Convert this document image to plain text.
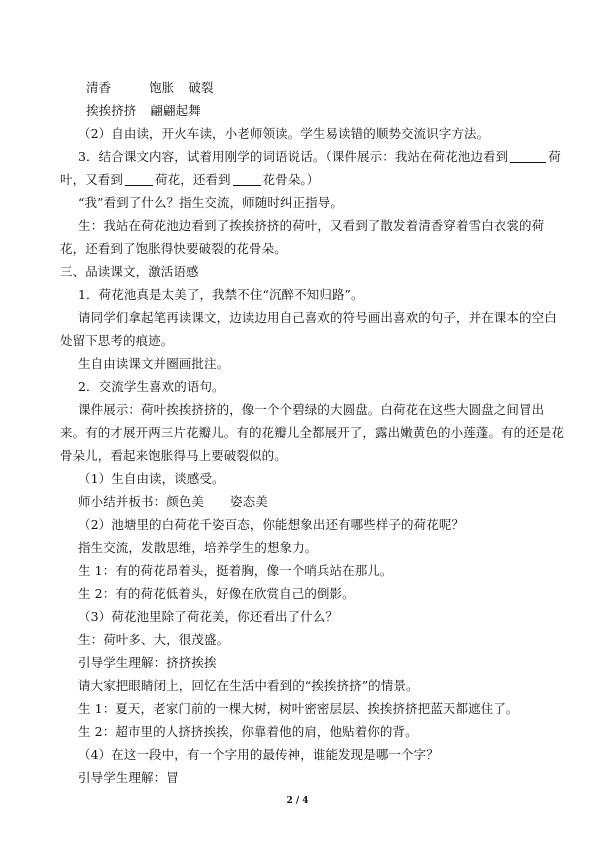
清香	饱胀 破裂
挨挨挤挤 翩翩起舞
（2）自由读，开火车读，小老师领读。学生易读错的顺势交流识字方法。
3．结合课文内容，试着用刚学的词语说话。（课件展示：我站在荷花池边看到	荷
叶，又看到	荷花，还看到	花骨朵。）
“我”看到了什么？指生交流，师随时纠正指导。
生：我站在荷花池边看到了挨挨挤挤的荷叶，又看到了散发着清香穿着雪白衣裳的荷
花，还看到了饱胀得快要破裂的花骨朵。
三、品读课文，激活语感
1．荷花池真是太美了，我禁不住“沉醉不知归路”。
请同学们拿起笔再读课文，边读边用自己喜欢的符号画出喜欢的句子，并在课本的空白
处留下思考的痕迹。
生自由读课文并圈画批注。
2．交流学生喜欢的语句。
课件展示：荷叶挨挨挤挤的，像一个个碧绿的大圆盘。白荷花在这些大圆盘之间冒出
来。有的才展开两三片花瓣儿。有的花瓣儿全都展开了，露出嫩黄色的小莲蓬。有的还是花
骨朵儿，看起来饱胀得马上要破裂似的。
（1）生自由读，谈感受。
师小结并板书：颜色美 姿态美
（2）池塘里的白荷花千姿百态，你能想象出还有哪些样子的荷花呢？
指生交流，发散思维，培养学生的想象力。
生 1：有的荷花昂着头，挺着胸，像一个哨兵站在那儿。
生 2：有的荷花低着头，好像在欣赏自己的倒影。
（3）荷花池里除了荷花美，你还看出了什么？
生：荷叶多、大，很茂盛。
引导学生理解：挤挤挨挨
请大家把眼睛闭上，回忆在生活中看到的“挨挨挤挤”的情景。
生 1：夏天，老家门前的一棵大树，树叶密密层层、挨挨挤挤把蓝天都遮住了。
生 2：超市里的人挤挤挨挨，你靠着他的肩，他贴着你的背。
（4）在这一段中，有一个字用的最传神，谁能发现是哪一个字？
引导学生理解：冒
2 / 4
